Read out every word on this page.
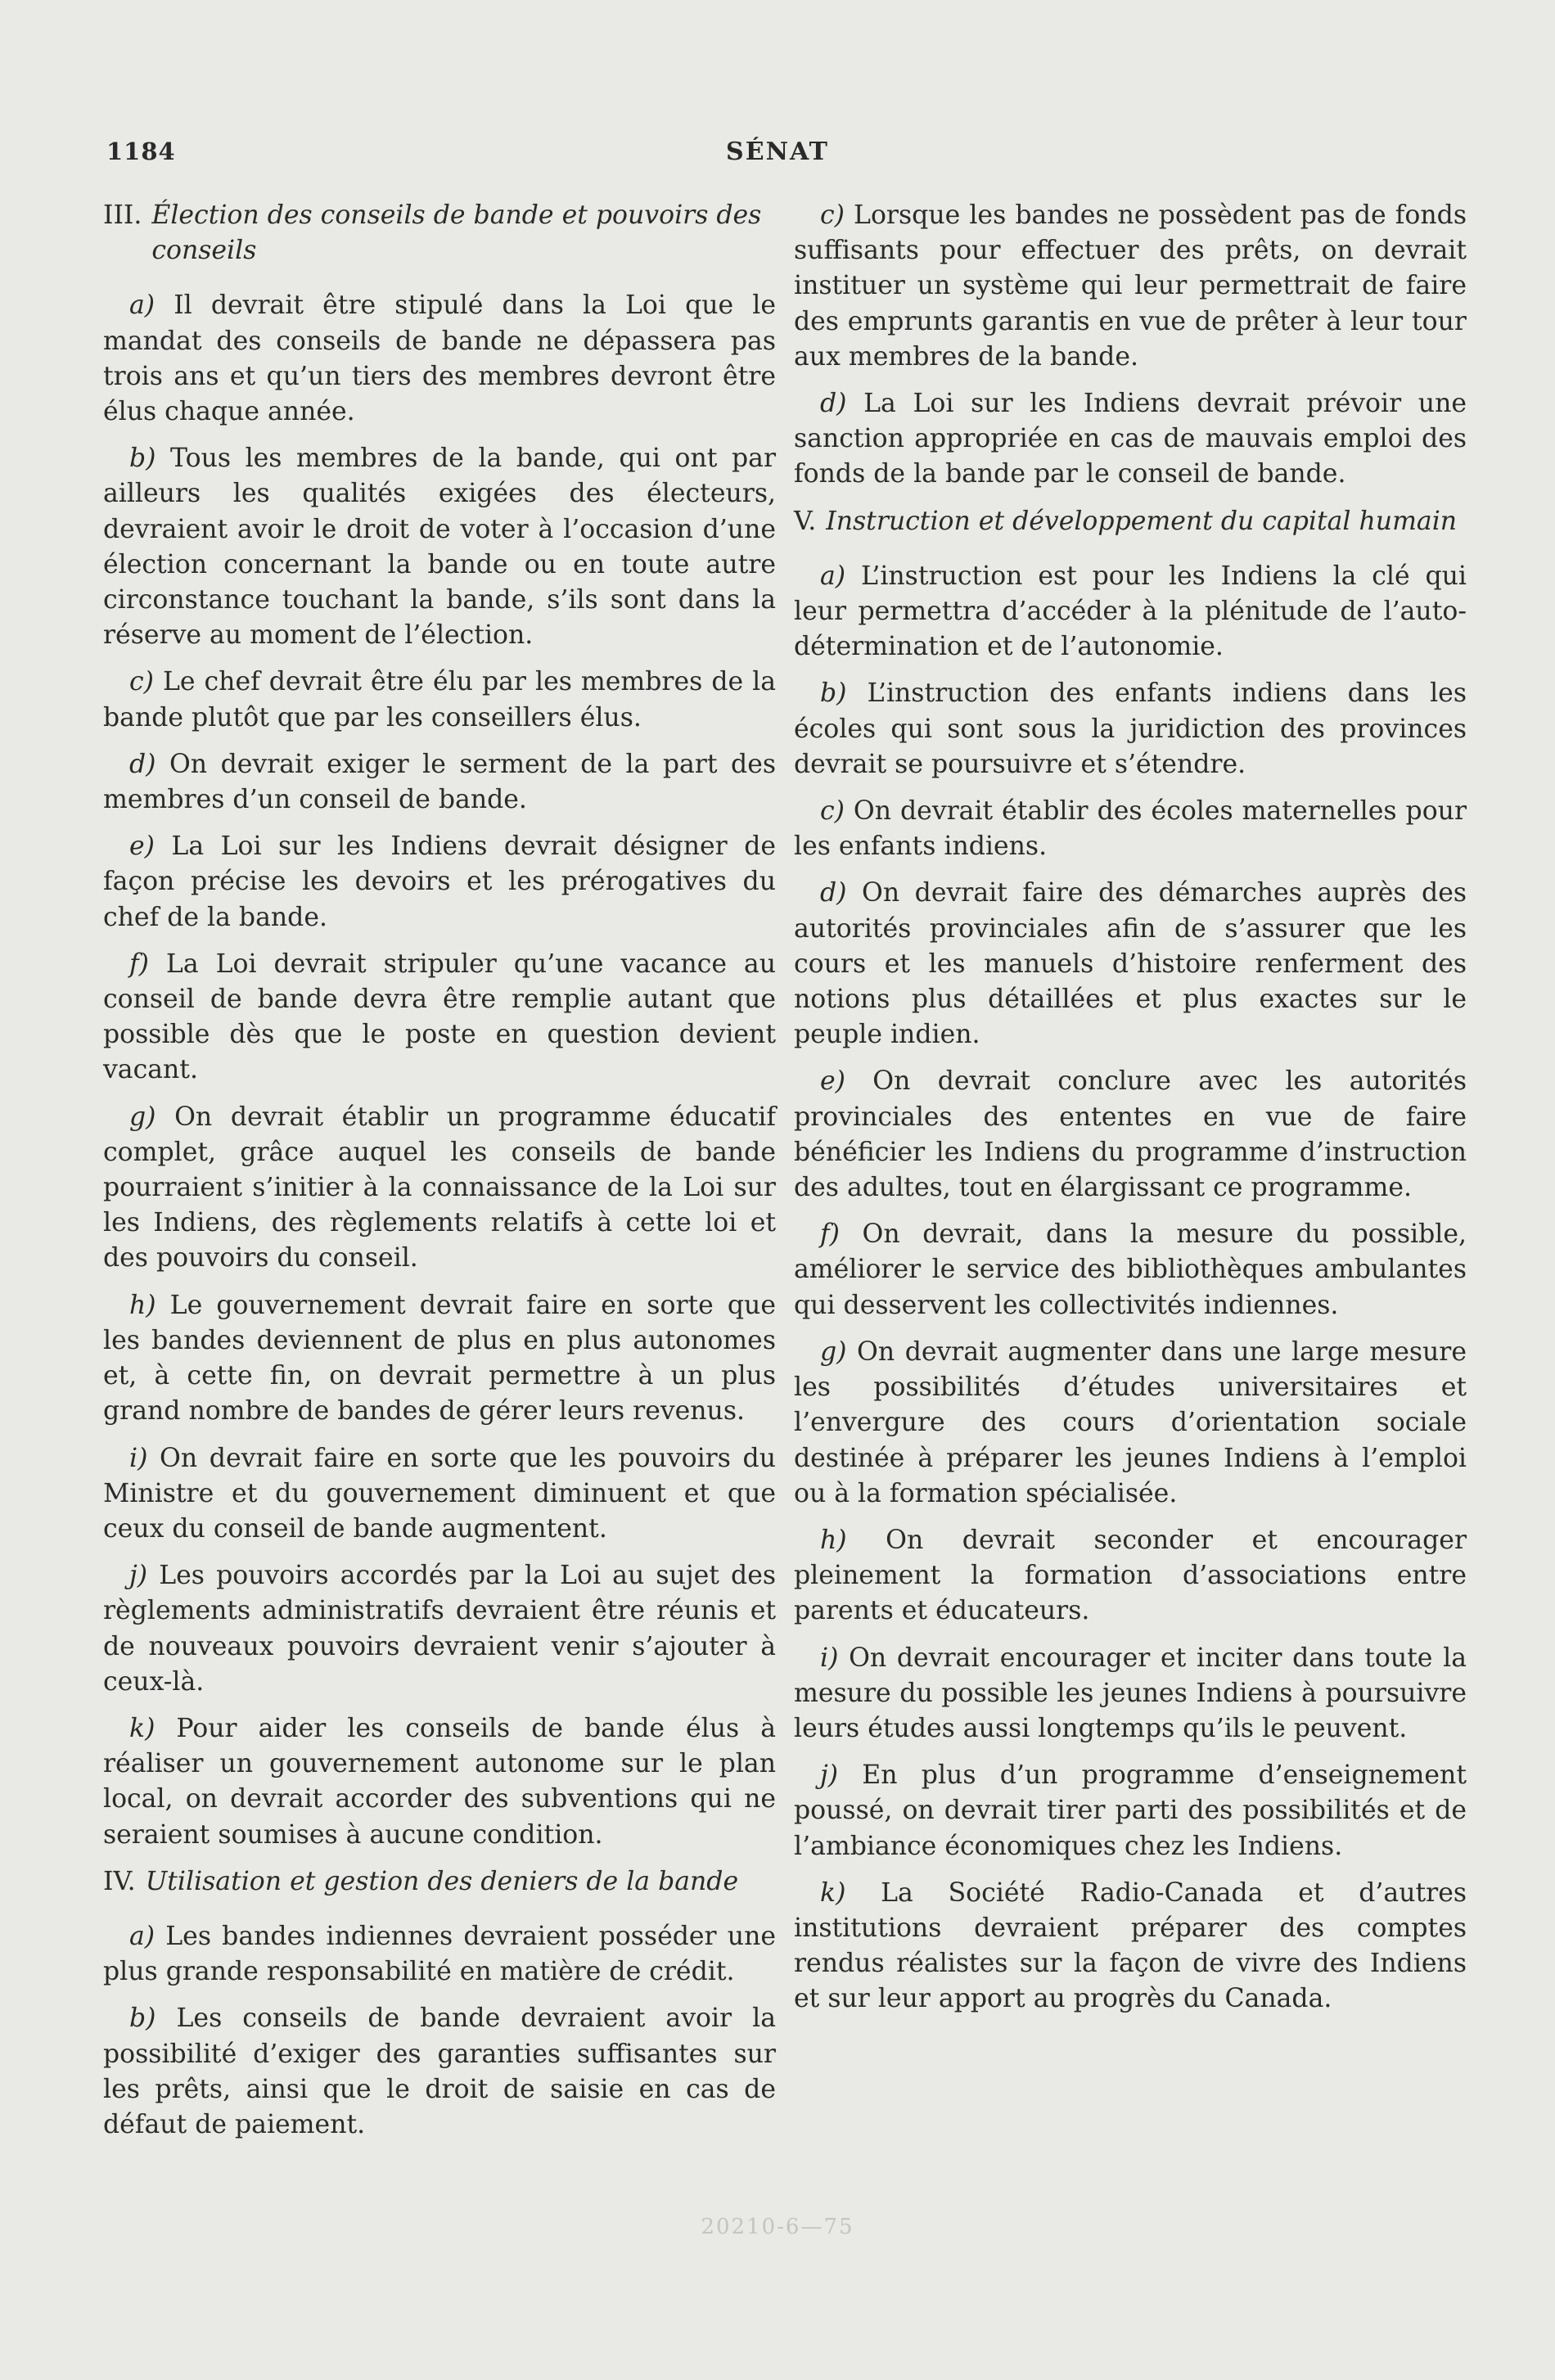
1184	SÉNAT
III. Élection des conseils de bande et pouvoirs des conseils

a) Il devrait être stipulé dans la Loi que le mandat des conseils de bande ne dépassera pas trois ans et qu’un tiers des membres devront être élus chaque année.

b) Tous les membres de la bande, qui ont par ailleurs les qualités exigées des électeurs, devraient avoir le droit de voter à l’occasion d’une élection concernant la bande ou en toute autre circonstance touchant la bande, s’ils sont dans la réserve au moment de l’élection.

c) Le chef devrait être élu par les membres de la bande plutôt que par les conseillers élus.

d) On devrait exiger le serment de la part des membres d’un conseil de bande.

e) La Loi sur les Indiens devrait désigner de façon précise les devoirs et les prérogatives du chef de la bande.

f) La Loi devrait stripuler qu’une vacance au conseil de bande devra être remplie autant que possible dès que le poste en question devient vacant.

g) On devrait établir un programme éducatif complet, grâce auquel les conseils de bande pourraient s’initier à la connaissance de la Loi sur les Indiens, des règlements relatifs à cette loi et des pouvoirs du conseil.

h) Le gouvernement devrait faire en sorte que les bandes deviennent de plus en plus autonomes et, à cette fin, on devrait permettre à un plus grand nombre de bandes de gérer leurs revenus.

i) On devrait faire en sorte que les pouvoirs du Ministre et du gouvernement diminuent et que ceux du conseil de bande augmentent.

j) Les pouvoirs accordés par la Loi au sujet des règlements administratifs devraient être réunis et de nouveaux pouvoirs devraient venir s’ajouter à ceux-là.

k) Pour aider les conseils de bande élus à réaliser un gouvernement autonome sur le plan local, on devrait accorder des subventions qui ne seraient soumises à aucune condition.

IV. Utilisation et gestion des deniers de la bande

a) Les bandes indiennes devraient posséder une plus grande responsabilité en matière de crédit.

b) Les conseils de bande devraient avoir la possibilité d’exiger des garanties suffisantes sur les prêts, ainsi que le droit de saisie en cas de défaut de paiement.

c) Lorsque les bandes ne possèdent pas de fonds suffisants pour effectuer des prêts, on devrait instituer un système qui leur permettrait de faire des emprunts garantis en vue de prêter à leur tour aux membres de la bande.

d) La Loi sur les Indiens devrait prévoir une sanction appropriée en cas de mauvais emploi des fonds de la bande par le conseil de bande.

V. Instruction et développement du capital humain

a) L’instruction est pour les Indiens la clé qui leur permettra d’accéder à la plénitude de l’auto-détermination et de l’autonomie.

b) L’instruction des enfants indiens dans les écoles qui sont sous la juridiction des provinces devrait se poursuivre et s’étendre.

c) On devrait établir des écoles maternelles pour les enfants indiens.

d) On devrait faire des démarches auprès des autorités provinciales afin de s’assurer que les cours et les manuels d’histoire renferment des notions plus détaillées et plus exactes sur le peuple indien.

e) On devrait conclure avec les autorités provinciales des ententes en vue de faire bénéficier les Indiens du programme d’instruction des adultes, tout en élargissant ce programme.

f) On devrait, dans la mesure du possible, améliorer le service des bibliothèques ambulantes qui desservent les collectivités indiennes.

g) On devrait augmenter dans une large mesure les possibilités d’études universitaires et l’envergure des cours d’orientation sociale destinée à préparer les jeunes Indiens à l’emploi ou à la formation spécialisée.

h) On devrait seconder et encourager pleinement la formation d’associations entre parents et éducateurs.

i) On devrait encourager et inciter dans toute la mesure du possible les jeunes Indiens à poursuivre leurs études aussi longtemps qu’ils le peuvent.

j) En plus d’un programme d’enseignement poussé, on devrait tirer parti des possibilités et de l’ambiance économiques chez les Indiens.

k) La Société Radio-Canada et d’autres institutions devraient préparer des comptes rendus réalistes sur la façon de vivre des Indiens et sur leur apport au progrès du Canada.

20210-6—75
